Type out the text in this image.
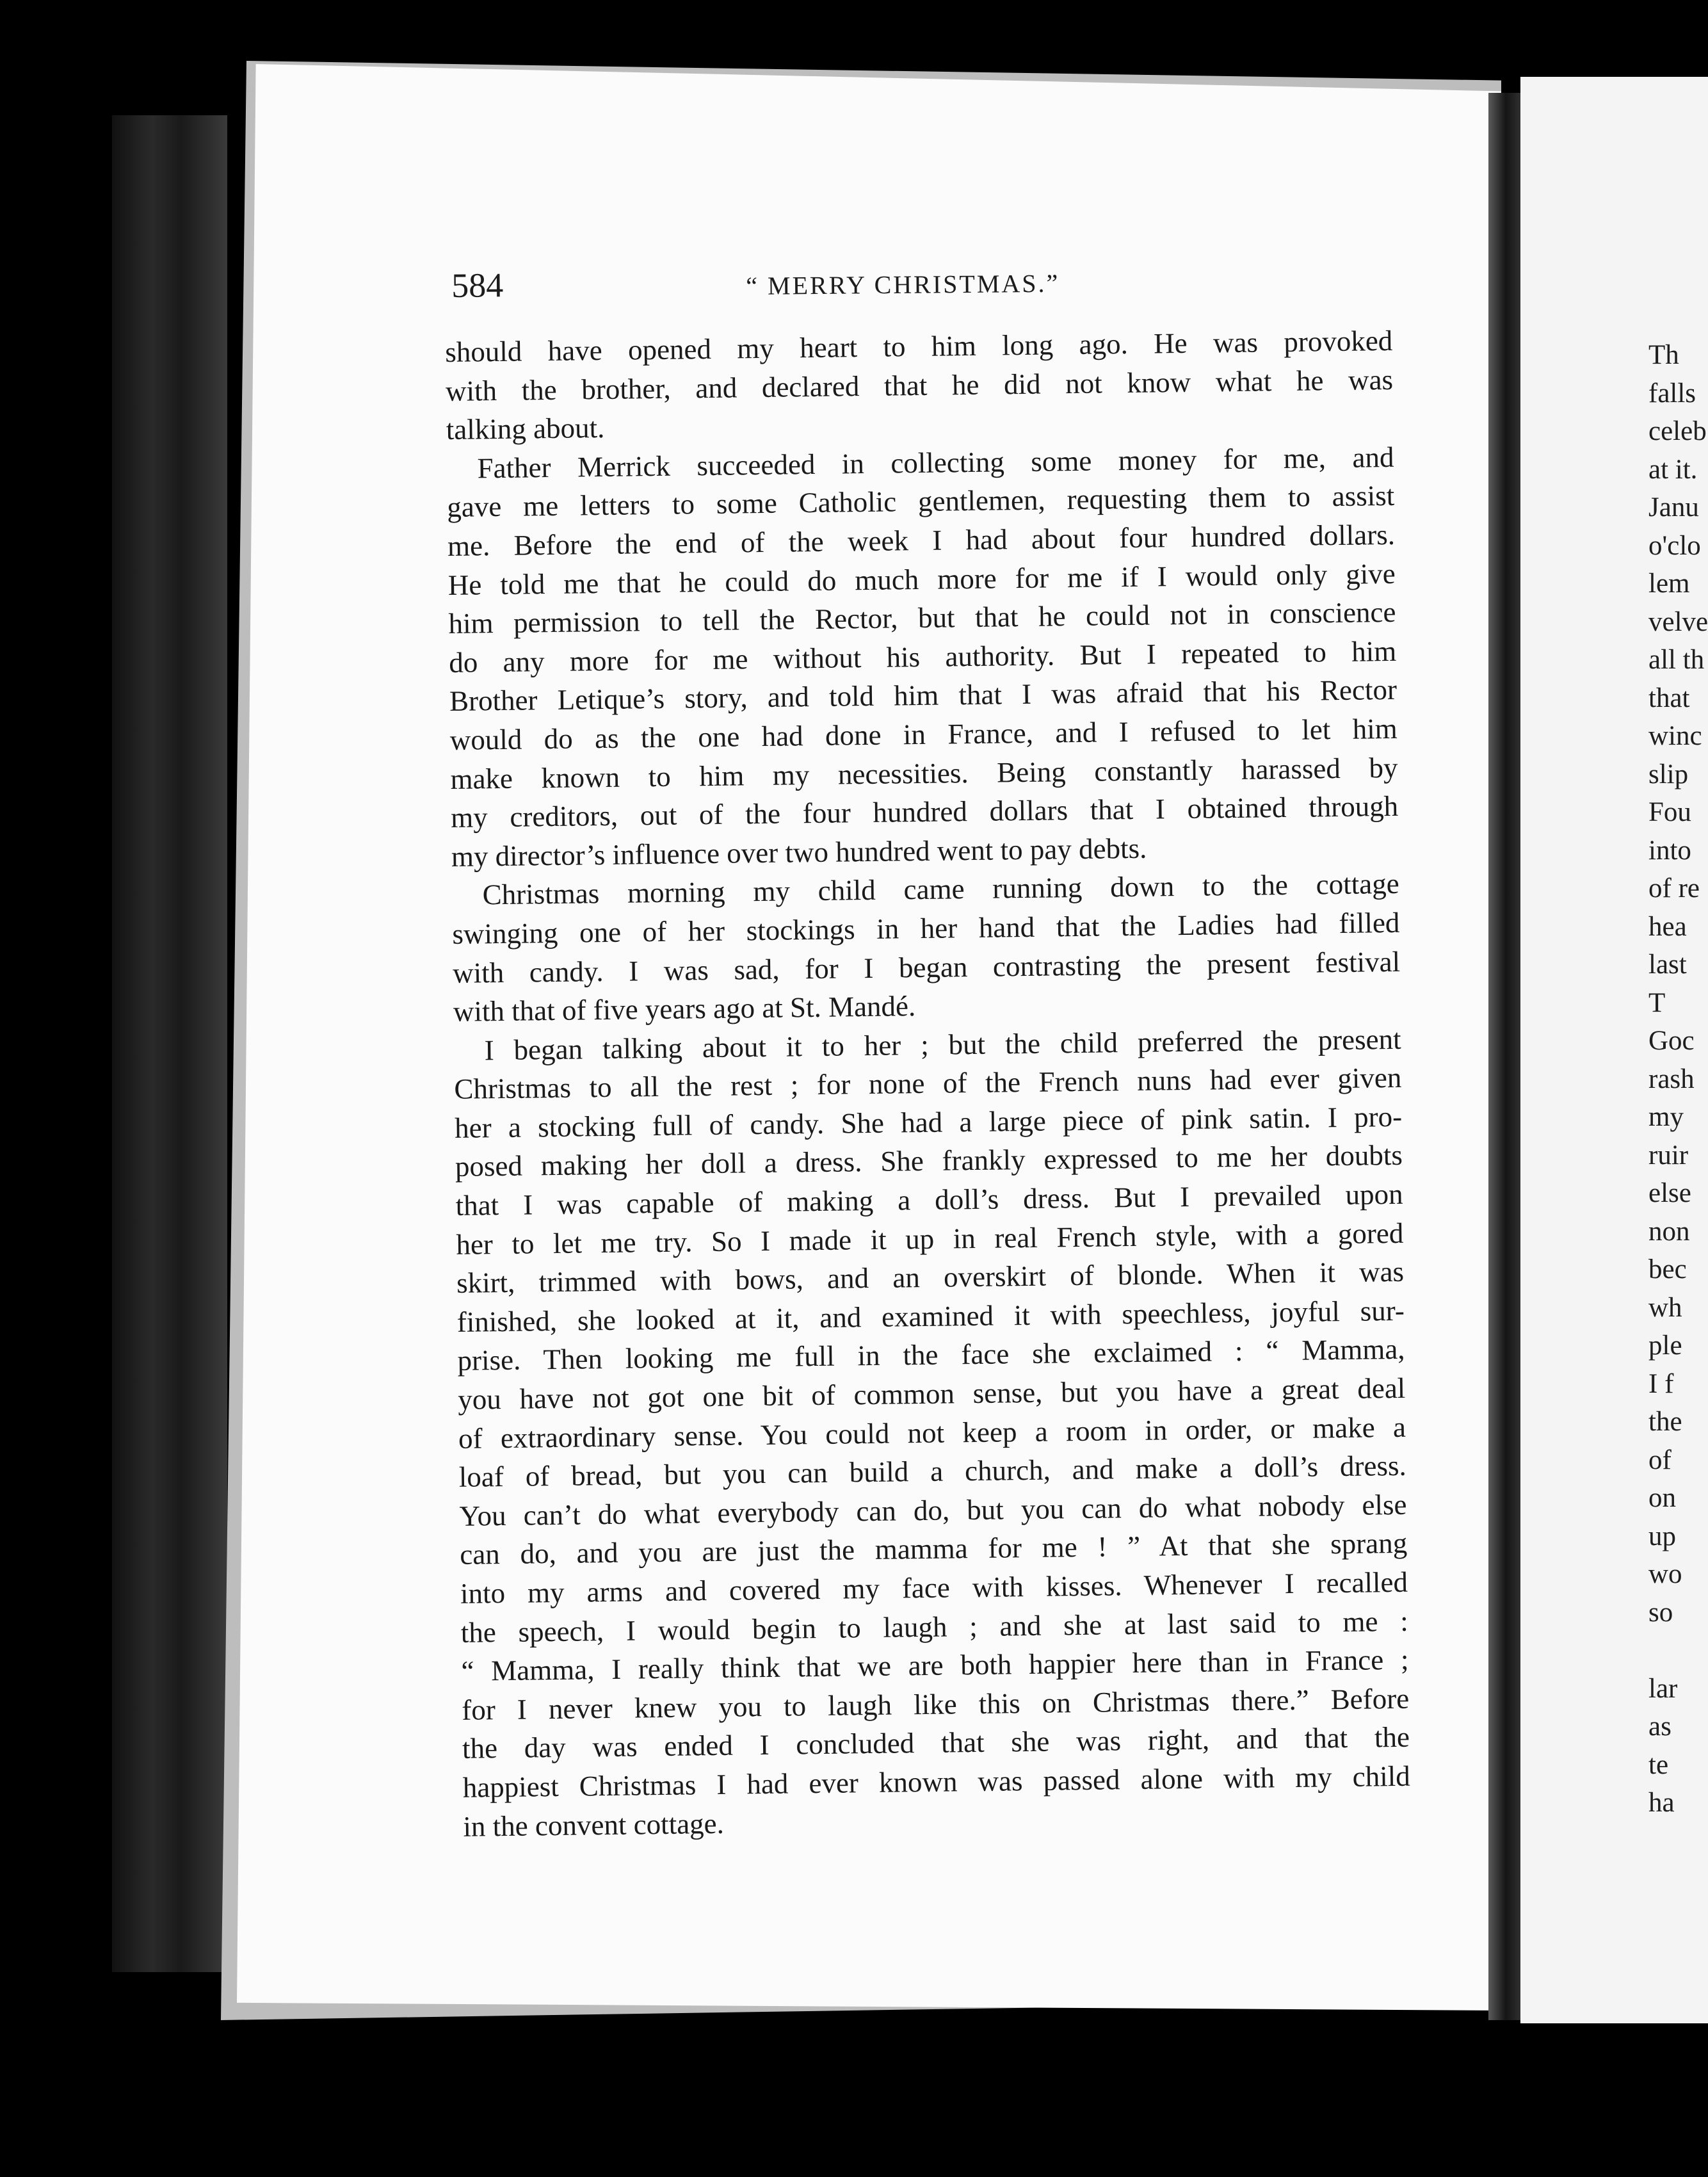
584	“ MERRY CHRISTMAS.”
should have opened my heart to him long ago. He was provoked
with the brother, and declared that he did not know what he was
talking about.
Father Merrick succeeded in collecting some money for me, and
gave me letters to some Catholic gentlemen, requesting them to assist
me. Before the end of the week I had about four hundred dollars.
He told me that he could do much more for me if I would only give
him permission to tell the Rector, but that he could not in conscience
do any more for me without his authority. But I repeated to him
Brother Letique’s story, and told him that I was afraid that his Rector
would do as the one had done in France, and I refused to let him
make known to him my necessities. Being constantly harassed by
my creditors, out of the four hundred dollars that I obtained through
my director’s influence over two hundred went to pay debts.
Christmas morning my child came running down to the cottage
swinging one of her stockings in her hand that the Ladies had filled
with candy. I was sad, for I began contrasting the present festival
with that of five years ago at St. Mandé.
I began talking about it to her ; but the child preferred the present
Christmas to all the rest ; for none of the French nuns had ever given
her a stocking full of candy. She had a large piece of pink satin. I pro-
posed making her doll a dress. She frankly expressed to me her doubts
that I was capable of making a doll’s dress. But I prevailed upon
her to let me try. So I made it up in real French style, with a gored
skirt, trimmed with bows, and an overskirt of blonde. When it was
finished, she looked at it, and examined it with speechless, joyful sur-
prise. Then looking me full in the face she exclaimed : “ Mamma,
you have not got one bit of common sense, but you have a great deal
of extraordinary sense. You could not keep a room in order, or make a
loaf of bread, but you can build a church, and make a doll’s dress.
You can’t do what everybody can do, but you can do what nobody else
can do, and you are just the mamma for me ! ” At that she sprang
into my arms and covered my face with kisses. Whenever I recalled
the speech, I would begin to laugh ; and she at last said to me :
“ Mamma, I really think that we are both happier here than in France ;
for I never knew you to laugh like this on Christmas there.” Before
the day was ended I concluded that she was right, and that the
happiest Christmas I had ever known was passed alone with my child
in the convent cottage.
Th
falls
celeb
at it.
Janu
o'clo
lem
velve
all th
that
winc
slip
Fou
into
of re
hea
last
T
Goc
rash
my
ruir
else
non
bec
wh
ple
I f
the
of
on
up
wo
so
lar
as
te
ha
